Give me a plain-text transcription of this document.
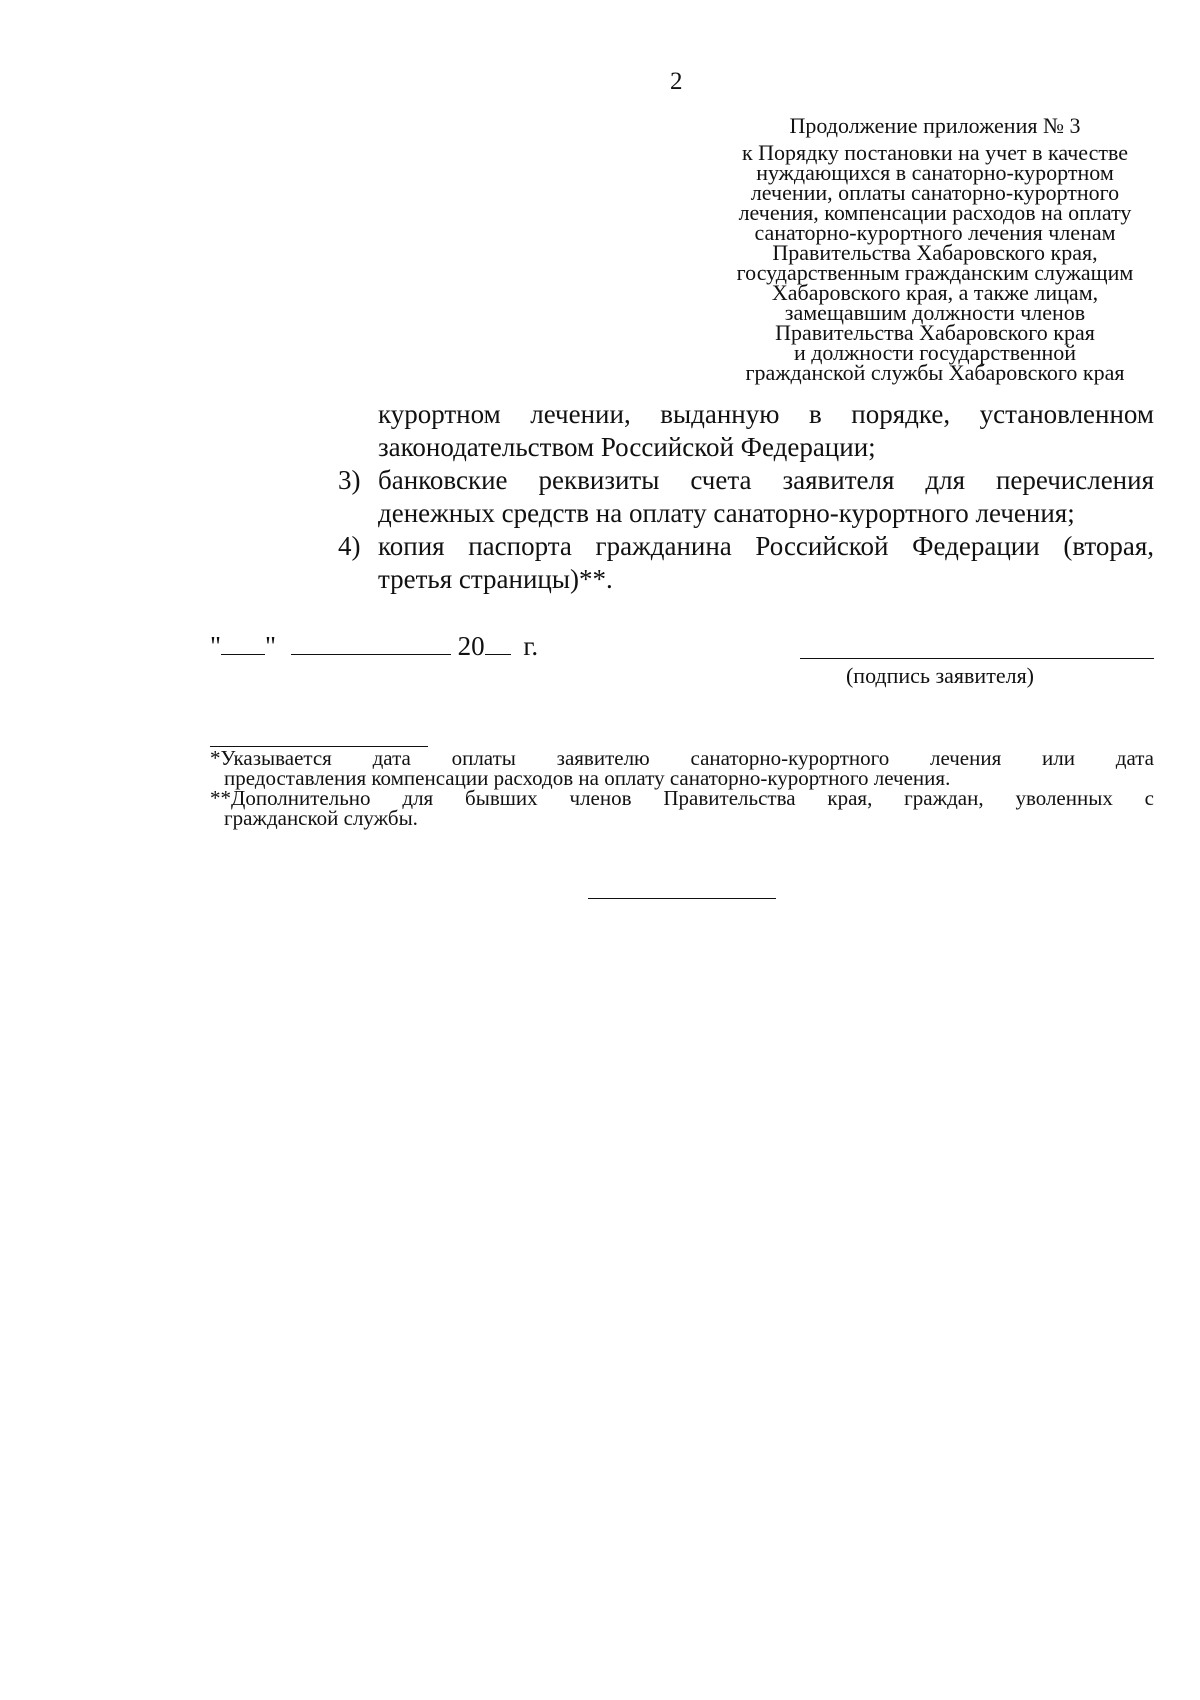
2
Продолжение приложения № 3
к Порядку постановки на учет в качестве
нуждающихся в санаторно-курортном
лечении, оплаты санаторно-курортного
лечения, компенсации расходов на оплату
санаторно-курортного лечения членам
Правительства Хабаровского края,
государственным гражданским служащим
Хабаровского края, а также лицам,
замещавшим должности членов
Правительства Хабаровского края
и должности государственной
гражданской службы Хабаровского края
курортном лечении, выданную в порядке, установленном
законодательством Российской Федерации;
3) банковские реквизиты счета заявителя для перечисления
денежных средств на оплату санаторно-курортного лечения;
4) копия паспорта гражданина Российской Федерации (вторая,
третья страницы)**.
" "	20 г.
(подпись заявителя)
*Указывается дата оплаты заявителю санаторно-курортного лечения или дата
предоставления компенсации расходов на оплату санаторно-курортного лечения.
**Дополнительно для бывших членов Правительства края, граждан, уволенных с
гражданской службы.
